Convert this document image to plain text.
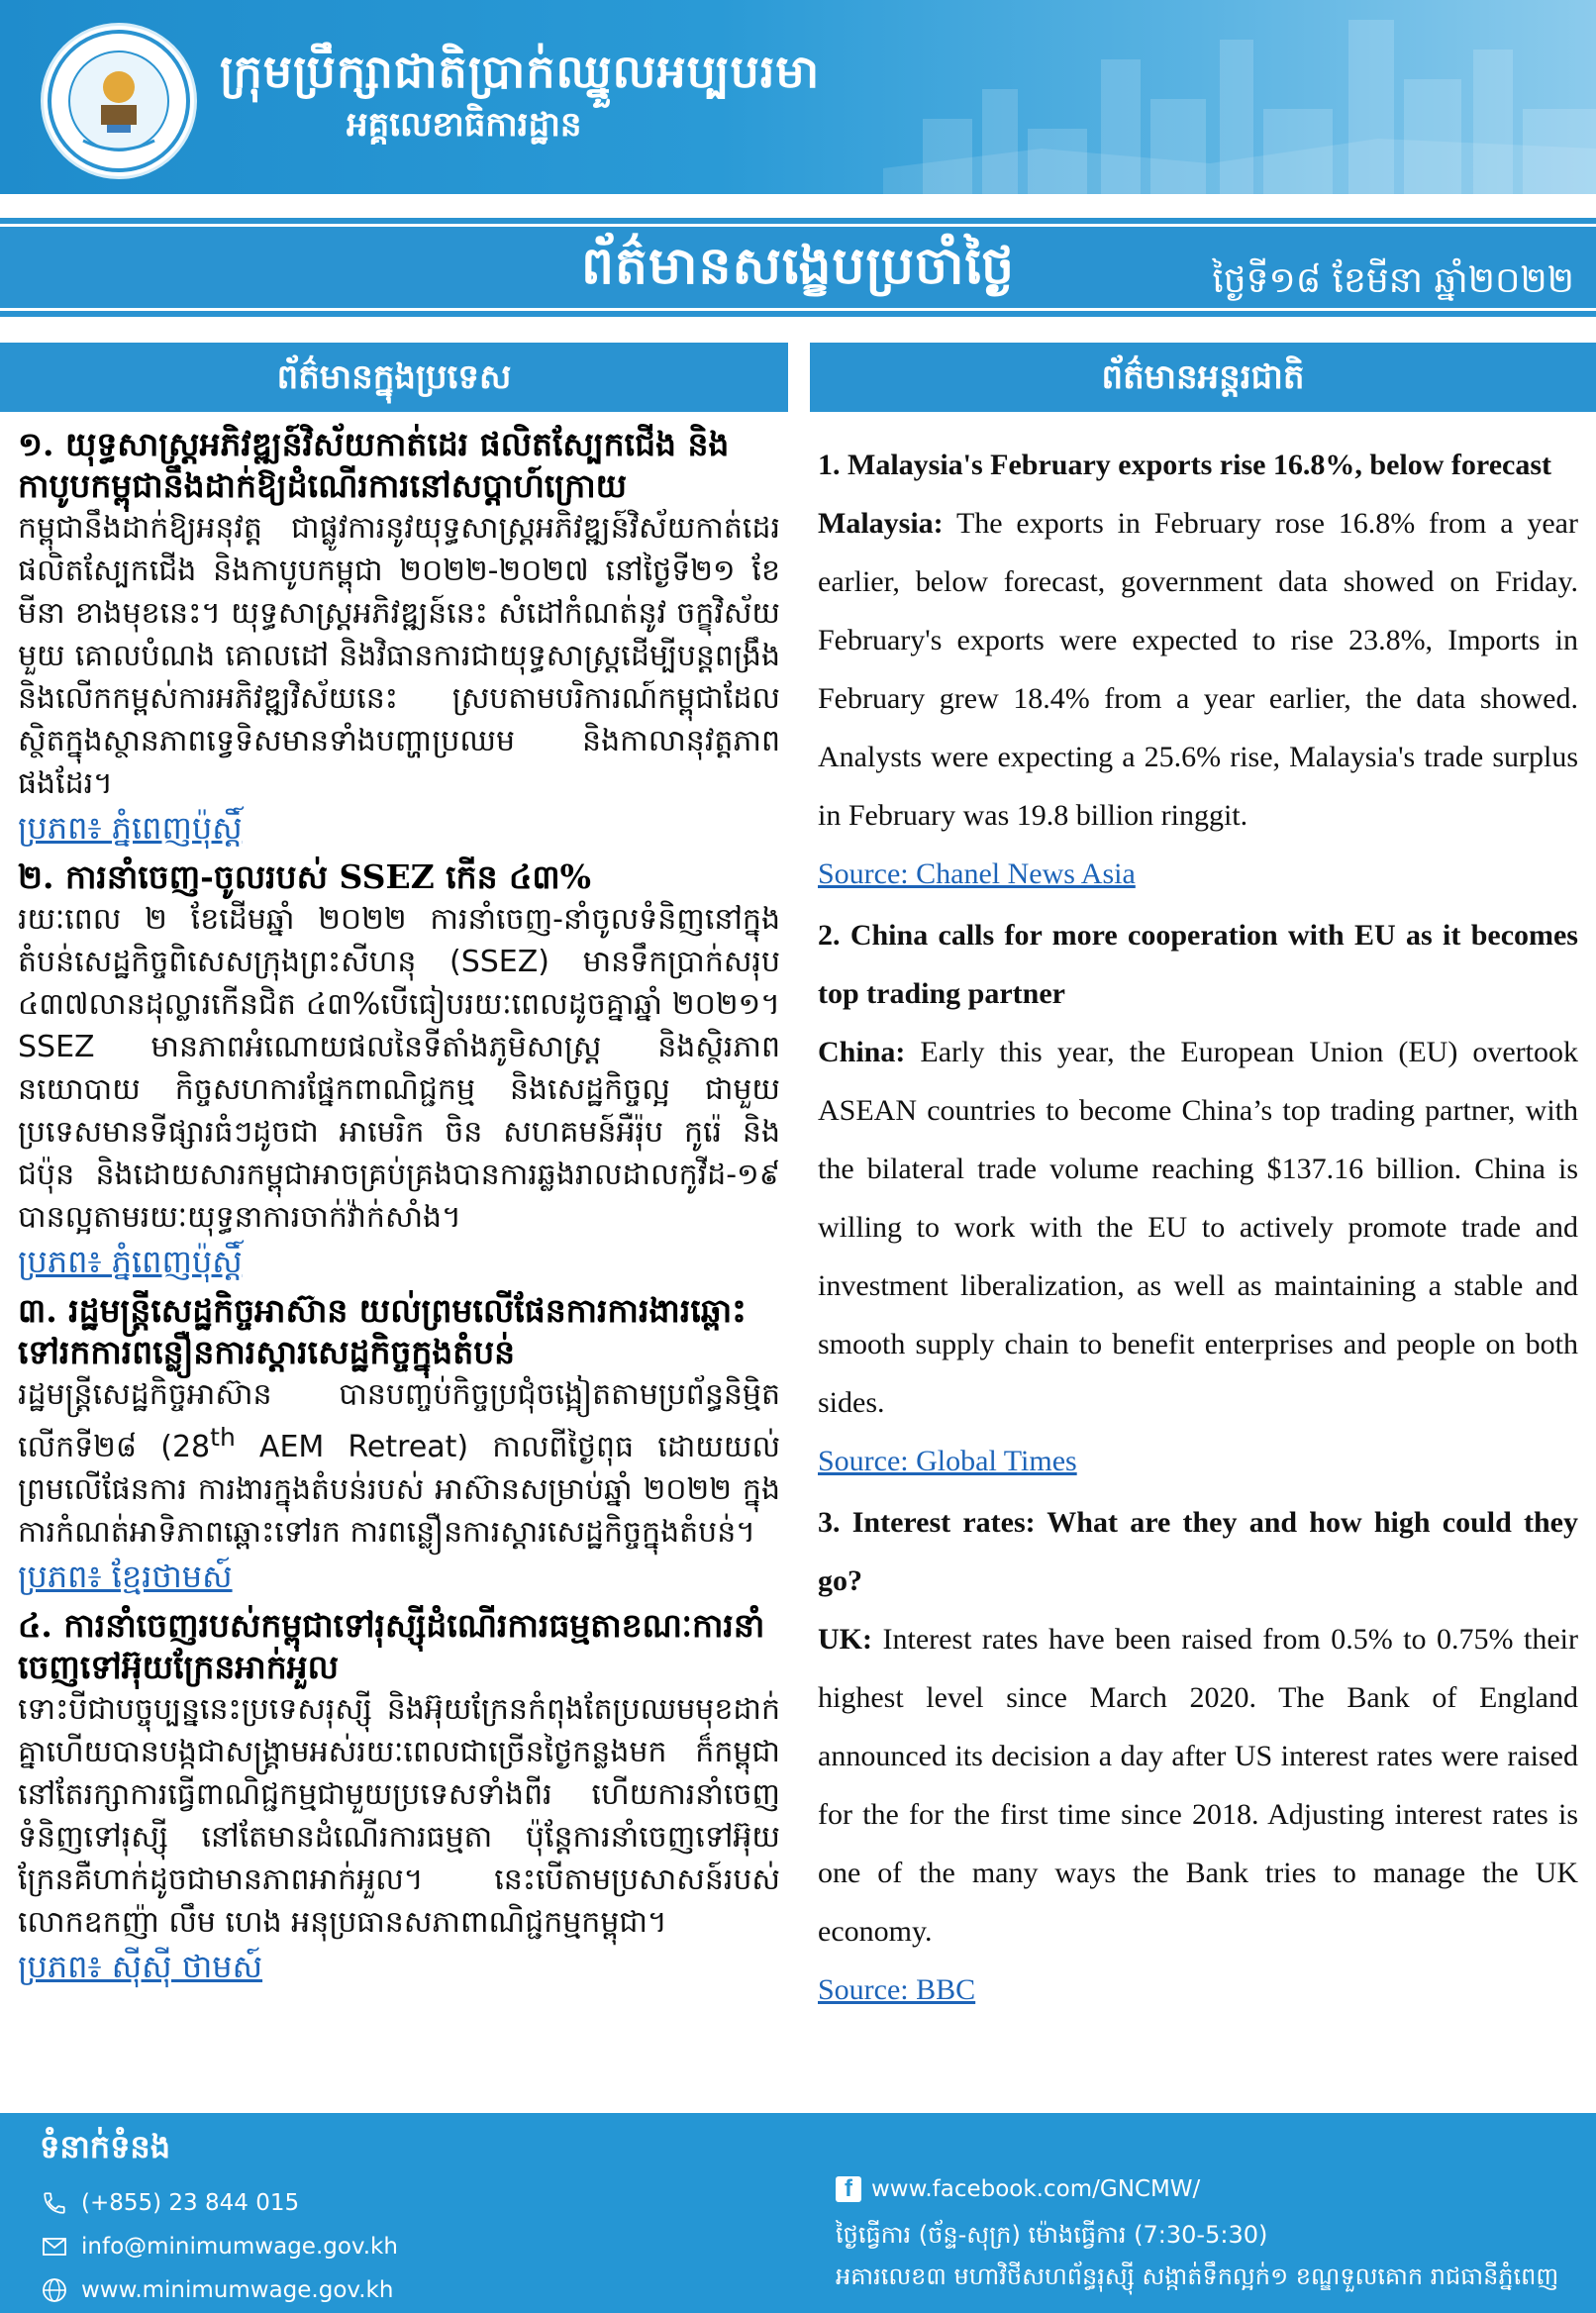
ក្រុមប្រឹក្សាជាតិប្រាក់ឈ្នួលអប្បបរមា
អគ្គលេខាធិការដ្ឋាន
ព័ត៌មានសង្ខេបប្រចាំថ្ងៃ	ថ្ងៃទី១៨ ខែមីនា ឆ្នាំ២០២២
ព័ត៌មានក្នុងប្រទេស	ព័ត៌មានអន្តរជាតិ

១. យុទ្ធសាស្ត្រអភិវឌ្ឍន៍វិស័យកាត់ដេរ ផលិតស្បែកជើង និងកាបូបកម្ពុជានឹងដាក់ឱ្យដំណើរការនៅសប្តាហ៍ក្រោយ

កម្ពុជានឹងដាក់ឱ្យអនុវត្ត ជាផ្លូវការនូវយុទ្ធសាស្ត្រអភិវឌ្ឍន៍វិស័យកាត់ដេរ ផលិតស្បែកជើង និងកាបូបកម្ពុជា ២០២២-២០២៧ នៅថ្ងៃទី២១ ខែមីនា ខាងមុខនេះ។ យុទ្ធសាស្ត្រអភិវឌ្ឍន៍នេះ សំដៅកំណត់នូវ ចក្ខុវិស័យមួយ គោលបំណង គោលដៅ និងវិធានការជាយុទ្ធសាស្ត្រដើម្បីបន្តពង្រឹងនិងលើកកម្ពស់ការអភិវឌ្ឍវិស័យនេះ ស្របតាមបរិការណ៍កម្ពុជាដែលស្ថិតក្នុងស្ថានភាពទ្វេទិសមានទាំងបញ្ហាប្រឈម និងកាលានុវត្តភាពផងដែរ។

ប្រភព៖ ភ្នំពេញប៉ុស្តិ៍

២. ការនាំចេញ-ចូលរបស់ SSEZ កើន ៤៣%

រយៈពេល ២ ខែដើមឆ្នាំ ២០២២ ការនាំចេញ-នាំចូលទំនិញនៅក្នុងតំបន់សេដ្ឋកិច្ចពិសេសក្រុងព្រះសីហនុ (SSEZ) មានទឹកប្រាក់សរុប ៤៣៧លានដុល្លារកើនជិត ៤៣%បើធៀបរយៈពេលដូចគ្នាឆ្នាំ ២០២១។ SSEZ មានភាពអំណោយផលនៃទីតាំងភូមិសាស្ត្រ និងស្ថិរភាពនយោបាយ កិច្ចសហការផ្នែកពាណិជ្ជកម្ម និងសេដ្ឋកិច្ចល្អ ជាមួយប្រទេសមានទីផ្សារធំៗដូចជា អាមេរិក ចិន សហគមន៍អឺរ៉ុប កូរ៉េ និងជប៉ុន និងដោយសារកម្ពុជាអាចគ្រប់គ្រងបានការឆ្លងរាលដាលកូវីដ-១៩ បានល្អតាមរយៈយុទ្ធនាការចាក់វ៉ាក់សាំង។

ប្រភព៖ ភ្នំពេញប៉ុស្តិ៍

៣. រដ្ឋមន្ត្រីសេដ្ឋកិច្ចអាស៊ាន យល់ព្រមលើផែនការការងារឆ្ពោះទៅរកការពន្លឿនការស្តារសេដ្ឋកិច្ចក្នុងតំបន់

រដ្ឋមន្ត្រីសេដ្ឋកិច្ចអាស៊ាន បានបញ្ចប់កិច្ចប្រជុំចង្អៀតតាមប្រព័ន្ធនិម្មិតលើកទី២៨ (28th AEM Retreat) កាលពីថ្ងៃពុធ ដោយយល់ព្រមលើផែនការ ការងារក្នុងតំបន់របស់ អាស៊ានសម្រាប់ឆ្នាំ ២០២២ ក្នុងការកំណត់អាទិភាពឆ្ពោះទៅរក ការពន្លឿនការស្តារសេដ្ឋកិច្ចក្នុងតំបន់។

ប្រភព៖ ខ្មែរថាមស៍

៤. ការនាំចេញរបស់កម្ពុជាទៅរុស្ស៊ីដំណើរការធម្មតាខណៈការនាំចេញទៅអ៊ុយក្រែនអាក់អួល

ទោះបីជាបច្ចុប្បន្ននេះប្រទេសរុស្ស៊ី និងអ៊ុយក្រែនកំពុងតែប្រឈមមុខដាក់គ្នាហើយបានបង្កជាសង្គ្រាមអស់រយៈពេលជាច្រើនថ្ងៃកន្លងមក ក៏កម្ពុជានៅតែរក្សាការធ្វើពាណិជ្ជកម្មជាមួយប្រទេសទាំងពីរ ហើយការនាំចេញទំនិញទៅរុស្ស៊ី នៅតែមានដំណើរការធម្មតា ប៉ុន្តែការនាំចេញទៅអ៊ុយក្រែនគឺហាក់ដូចជាមានភាពអាក់អួល។ នេះបើតាមប្រសាសន៍របស់លោកឧកញ៉ា លឹម ហេង អនុប្រធានសភាពាណិជ្ជកម្មកម្ពុជា។

ប្រភព៖ ស៊ីស៊ី ថាមស៍

1. Malaysia's February exports rise 16.8%, below forecast

Malaysia: The exports in February rose 16.8% from a year earlier, below forecast, government data showed on Friday. February's exports were expected to rise 23.8%, Imports in February grew 18.4% from a year earlier, the data showed. Analysts were expecting a 25.6% rise, Malaysia's trade surplus in February was 19.8 billion ringgit.

Source: Chanel News Asia

2. China calls for more cooperation with EU as it becomes top trading partner

China: Early this year, the European Union (EU) overtook ASEAN countries to become China’s top trading partner, with the bilateral trade volume reaching $137.16 billion. China is willing to work with the EU to actively promote trade and investment liberalization, as well as maintaining a stable and smooth supply chain to benefit enterprises and people on both sides.

Source: Global Times

3. Interest rates: What are they and how high could they go?

UK: Interest rates have been raised from 0.5% to 0.75% their highest level since March 2020. The Bank of England announced its decision a day after US interest rates were raised for the for the first time since 2018. Adjusting interest rates is one of the many ways the Bank tries to manage the UK economy.

Source: BBC
ទំនាក់ទំនង
(+855) 23 844 015
info@minimumwage.gov.kh
www.minimumwage.gov.kh
f www.facebook.com/GNCMW/
ថ្ងៃធ្វើការ (ច័ន្ទ-សុក្រ) ម៉ោងធ្វើការ (7:30-5:30)
អគារលេខ៣ មហាវិថីសហព័ន្ធរុស្ស៊ី សង្កាត់ទឹកល្អក់១ ខណ្ឌទួលគោក រាជធានីភ្នំពេញ
